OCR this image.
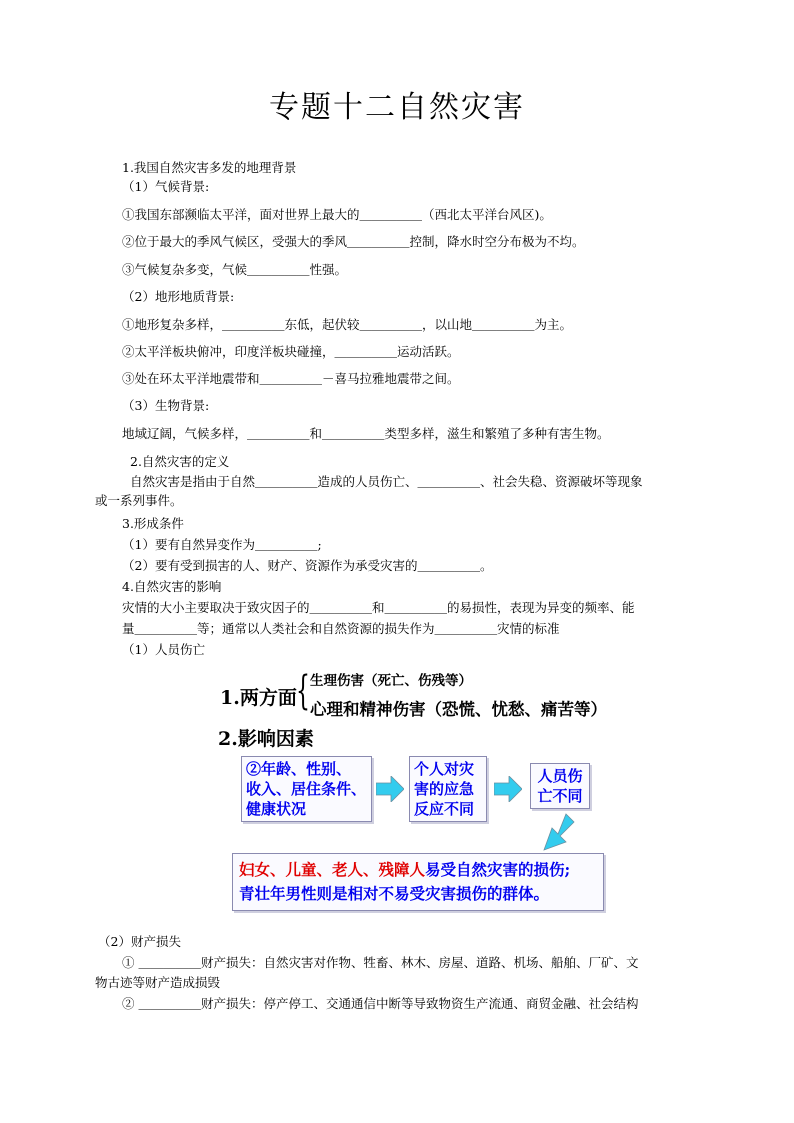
专题十二自然灾害
1.我国自然灾害多发的地理背景
（1）气候背景:
①我国东部濒临太平洋，面对世界上最大的＿＿＿＿＿（西北太平洋台风区)。
②位于最大的季风气候区，受强大的季风＿＿＿＿＿控制，降水时空分布极为不均。
③气候复杂多变，气候＿＿＿＿＿性强。
（2）地形地质背景:
①地形复杂多样，＿＿＿＿＿东低，起伏较＿＿＿＿＿，以山地＿＿＿＿＿为主。
②太平洋板块俯冲，印度洋板块碰撞，＿＿＿＿＿运动活跃。
③处在环太平洋地震带和＿＿＿＿＿－喜马拉雅地震带之间。
（3）生物背景:
地域辽阔，气候多样，＿＿＿＿＿和＿＿＿＿＿类型多样，滋生和繁殖了多种有害生物。
2.自然灾害的定义
自然灾害是指由于自然＿＿＿＿＿造成的人员伤亡、＿＿＿＿＿、社会失稳、资源破坏等现象
或一系列事件。
3.形成条件
（1）要有自然异变作为＿＿＿＿＿;
（2）要有受到损害的人、财产、资源作为承受灾害的＿＿＿＿＿。
4.自然灾害的影响
灾情的大小主要取决于致灾因子的＿＿＿＿＿和＿＿＿＿＿的易损性，表现为异变的频率、能
量＿＿＿＿＿等；通常以人类社会和自然资源的损失作为＿＿＿＿＿灾情的标准
（1）人员伤亡
1.两方面 { 生理伤害（死亡、伤残等）
心理和精神伤害（恐慌、忧愁、痛苦等）
2.影响因素
②年龄、性别、
收入、居住条件、
健康状况
个人对灾
害的应急
反应不同
人员伤
亡不同
妇女、儿童、老人、残障人易受自然灾害的损伤;
青壮年男性则是相对不易受灾害损伤的群体。
（2）财产损失
① ＿＿＿＿＿财产损失：自然灾害对作物、牲畜、林木、房屋、道路、机场、船舶、厂矿、文
物古迹等财产造成损毁
② ＿＿＿＿＿财产损失：停产停工、交通通信中断等导致物资生产流通、商贸金融、社会结构
